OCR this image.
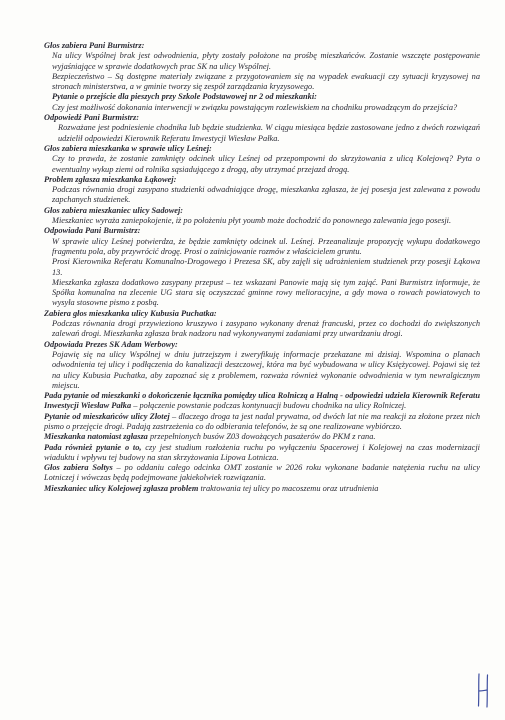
Głos zabiera Pani Burmistrz:

Na ulicy Wspólnej brak jest odwodnienia, płyty zostały położone na prośbę mieszkańców. Zostanie wszczęte postępowanie wyjaśniające w sprawie dodatkowych prac SK na ulicy Wspólnej.

Bezpieczeństwo – Są dostępne materiały związane z przygotowaniem się na wypadek ewakuacji czy sytuacji kryzysowej na stronach ministerstwa, a w gminie tworzy się zespół zarządzania kryzysowego.

Pytanie o przejście dla pieszych przy Szkole Podstawowej nr 2 od mieszkanki:

Czy jest możliwość dokonania interwencji w związku powstającym rozlewiskiem na chodniku prowadzącym do przejścia?

Odpowiedź Pani Burmistrz:

Rozważane jest podniesienie chodnika lub będzie studzienka. W ciągu miesiąca będzie zastosowane jedno z dwóch rozwiązań udzielił odpowiedzi Kierownik Referatu Inwestycji Wiesław Pałka.

Głos zabiera mieszkanka w sprawie ulicy Leśnej:

Czy to prawda, że zostanie zamknięty odcinek ulicy Leśnej od przepompowni do skrzyżowania z ulicą Kolejową? Pyta o ewentualny wykup ziemi od rolnika sąsiadującego z drogą, aby utrzymać przejazd drogą.

Problem zgłasza mieszkanka Łąkowej:

Podczas równania drogi zasypano studzienki odwadniające drogę, mieszkanka zgłasza, że jej posesja jest zalewana z powodu zapchanych studzienek.

Głos zabiera mieszkaniec ulicy Sadowej:

Mieszkaniec wyraża zaniepokojenie, iż po położeniu płyt youmb może dochodzić do ponownego zalewania jego posesji.

Odpowiada Pani Burmistrz:

W sprawie ulicy Leśnej potwierdza, że będzie zamknięty odcinek ul. Leśnej. Przeanalizuje propozycję wykupu dodatkowego fragmentu pola, aby przywrócić drogę. Prosi o zainicjowanie rozmów z właścicielem gruntu.

Prosi Kierownika Referatu Komunalno-Drogowego i Prezesa SK, aby zajęli się udrożnieniem studzienek przy posesji Łąkowa 13.

Mieszkanka zgłasza dodatkowo zasypany przepust – tez wskazani Panowie mają się tym zająć. Pani Burmistrz informuje, że Spółka komunalna na zlecenie UG stara się oczyszczać gminne rowy melioracyjne, a gdy mowa o rowach powiatowych to wysyła stosowne pismo z posbą.

Zabiera głos mieszkanka ulicy Kubusia Puchatka:

Podczas równania drogi przywieziono kruszywo i zasypano wykonany drenaż francuski, przez co dochodzi do zwiększonych zalewań drogi. Mieszkanka zgłasza brak nadzoru nad wykonywanymi zadaniami przy utwardzaniu drogi.

Odpowiada Prezes SK Adam Werbowy:

Pojawię się na ulicy Wspólnej w dniu jutrzejszym i zweryfikuję informacje przekazane mi dzisiaj. Wspomina o planach odwodnienia tej ulicy i podłączenia do kanalizacji deszczowej, która ma być wybudowana w ulicy Księżycowej. Pojawi się też na ulicy Kubusia Puchatka, aby zapoznać się z problemem, rozważa również wykonanie odwodnienia w tym newralgicznym miejscu.

Pada pytanie od mieszkanki o dokończenie łącznika pomiędzy ulica Rolniczą a Halną - odpowiedzi udziela Kierownik Referatu Inwestycji Wiesław Pałka – połączenie powstanie podczas kontynuacji budowu chodnika na ulicy Rolniczej.

Pytanie od mieszkańców ulicy Złotej – dlaczego droga ta jest nadal prywatna, od dwóch lat nie ma reakcji za złożone przez nich pismo o przejęcie drogi. Padają zastrzeżenia co do odbierania telefonów, że są one realizowane wybiórczo.

Mieszkanka natomiast zgłasza przepełnionych busów Z03 dowożących pasażerów do PKM z rana.

Pada również pytanie o to, czy jest studium rozłożenia ruchu po wyłączeniu Spacerowej i Kolejowej na czas modernizacji wiaduktu i wpływu tej budowy na stan skrzyżowania Lipowa Lotnicza.

Głos zabiera Sołtys – po oddaniu całego odcinka OMT zostanie w 2026 roku wykonane badanie natężenia ruchu na ulicy Lotniczej i wówczas będą podejmowane jakiekolwiek rozwiązania.

Mieszkaniec ulicy Kolejowej zgłasza problem traktowania tej ulicy po macoszemu oraz utrudnienia
